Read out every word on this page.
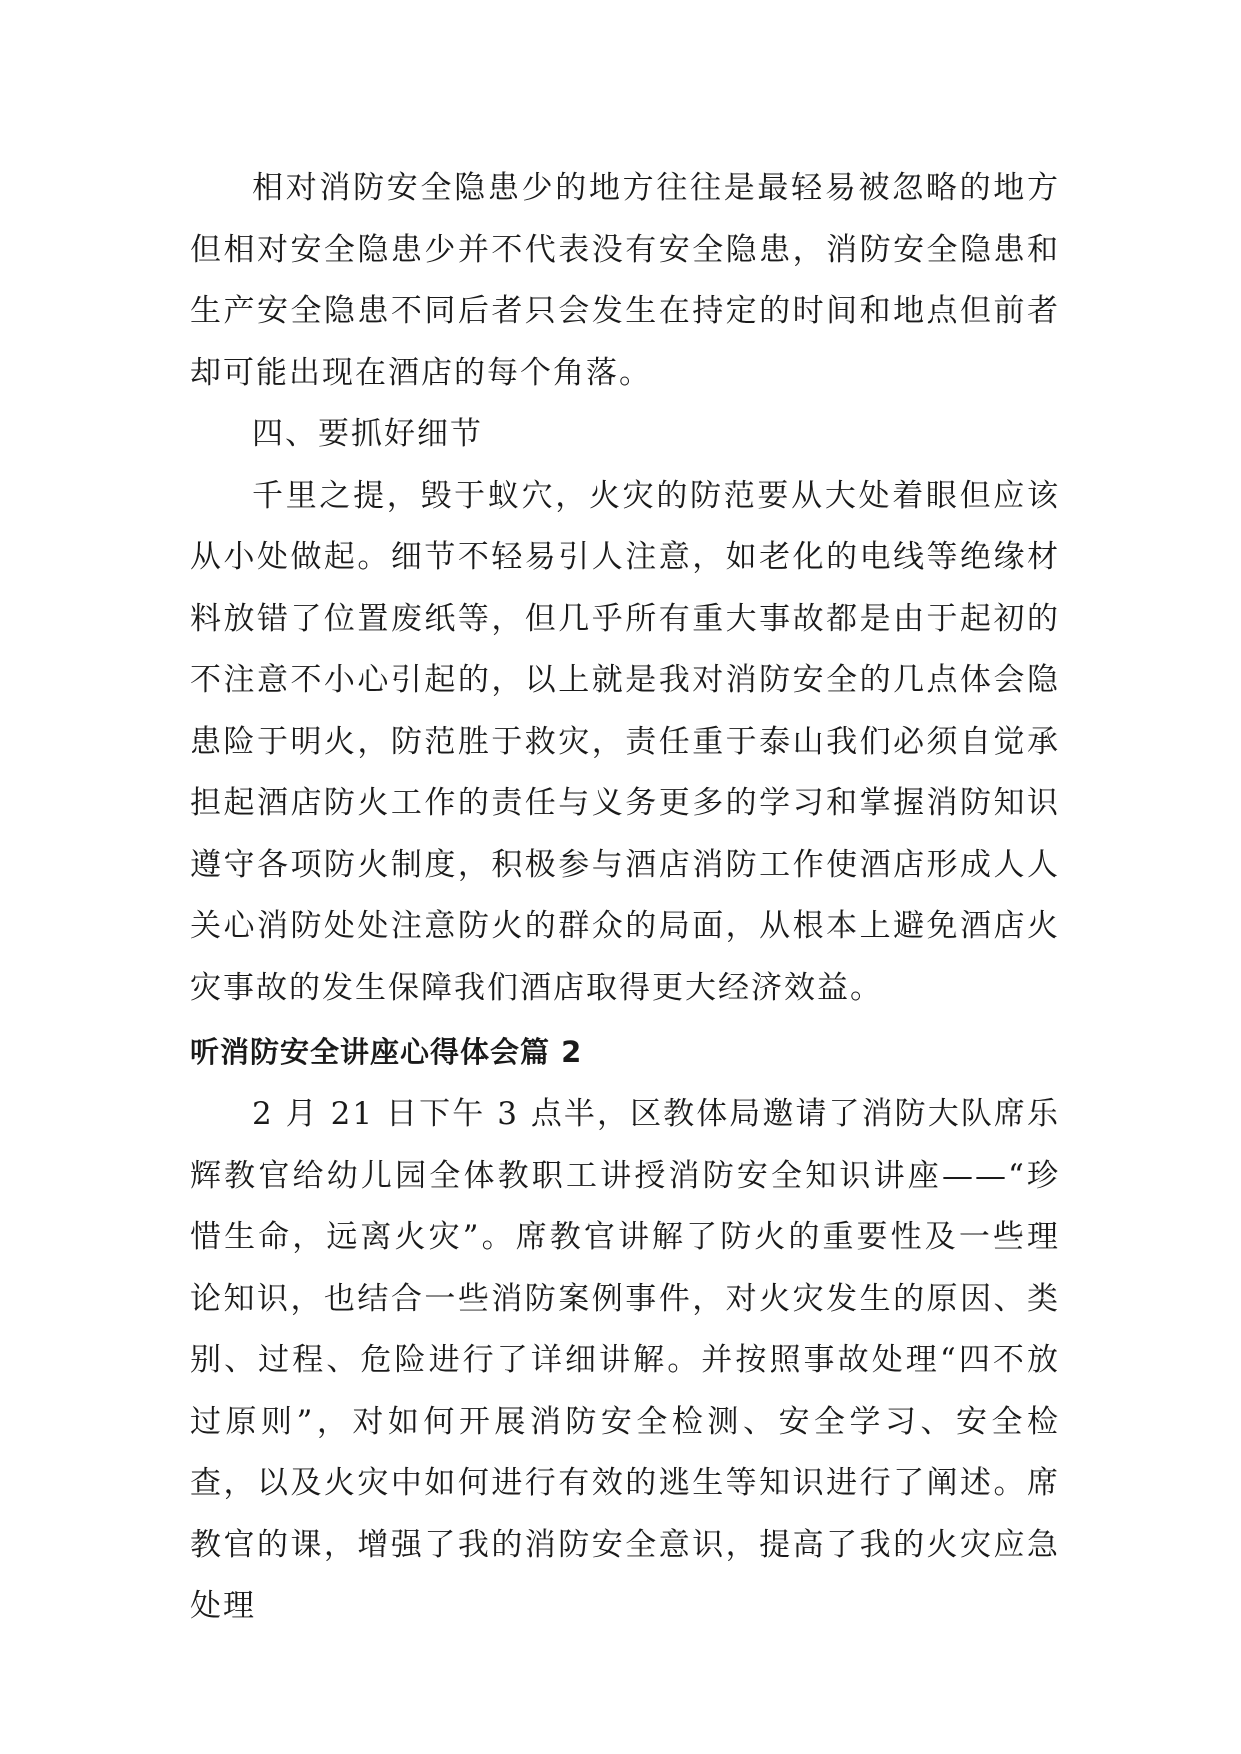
相对消防安全隐患少的地方往往是最轻易被忽略的地方但相对安全隐患少并不代表没有安全隐患，消防安全隐患和生产安全隐患不同后者只会发生在持定的时间和地点但前者却可能出现在酒店的每个角落。

四、要抓好细节

千里之提，毁于蚁穴，火灾的防范要从大处着眼但应该从小处做起。细节不轻易引人注意，如老化的电线等绝缘材料放错了位置废纸等，但几乎所有重大事故都是由于起初的不注意不小心引起的，以上就是我对消防安全的几点体会隐患险于明火，防范胜于救灾，责任重于泰山我们必须自觉承担起酒店防火工作的责任与义务更多的学习和掌握消防知识遵守各项防火制度，积极参与酒店消防工作使酒店形成人人关心消防处处注意防火的群众的局面，从根本上避免酒店火灾事故的发生保障我们酒店取得更大经济效益。

听消防安全讲座心得体会篇 2

2 月 21 日下午 3 点半，区教体局邀请了消防大队席乐辉教官给幼儿园全体教职工讲授消防安全知识讲座——“珍惜生命，远离火灾”。席教官讲解了防火的重要性及一些理论知识，也结合一些消防案例事件，对火灾发生的原因、类别、过程、危险进行了详细讲解。并按照事故处理“四不放过原则”，对如何开展消防安全检测、安全学习、安全检查，以及火灾中如何进行有效的逃生等知识进行了阐述。席教官的课，增强了我的消防安全意识，提高了我的火灾应急处理
